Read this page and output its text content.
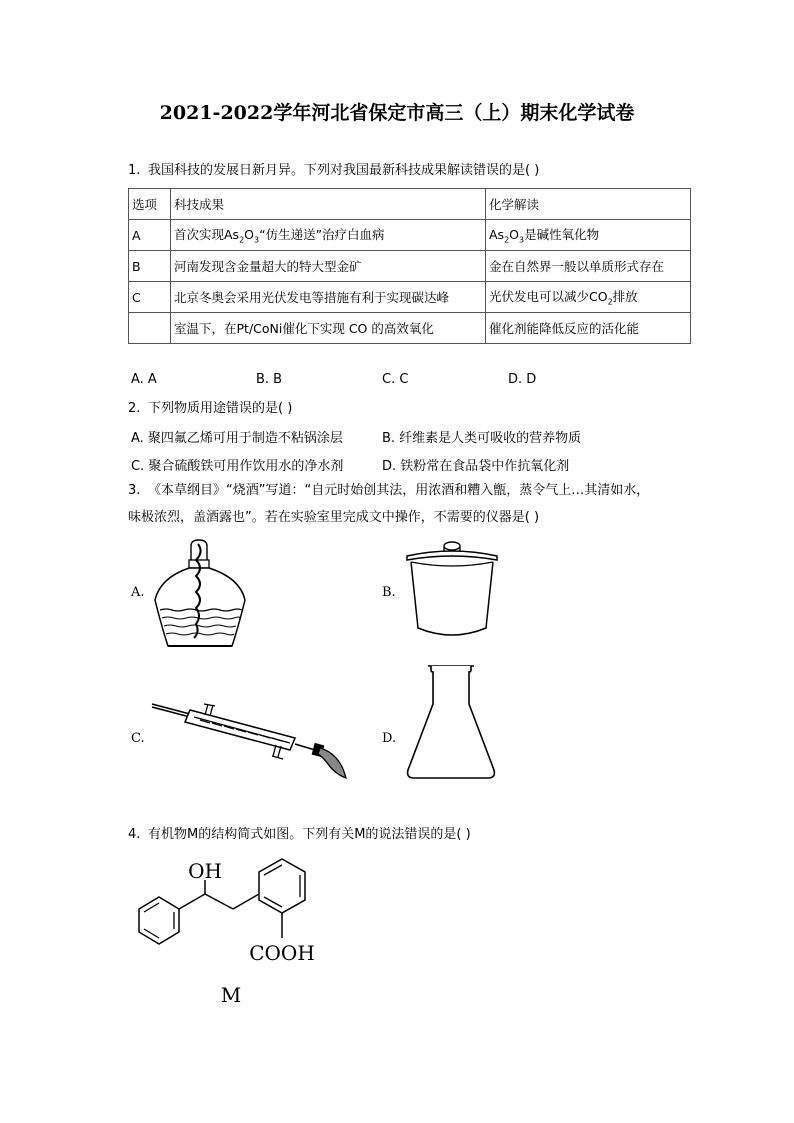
2021-2022学年河北省保定市高三（上）期末化学试卷
1. 我国科技的发展日新月异。下列对我国最新科技成果解读错误的是( )
选项	科技成果	化学解读
A	首次实现$As_2O_3“$仿生递送”治疗白血病	$As_2O_3$是碱性氧化物
B	河南发现含金量超大的特大型金矿	金在自然界一般以单质形式存在
C	北京冬奥会采用光伏发电等措施有利于实现碳达峰	光伏发电可以减少$CO_2$排放
	室温下，在Pt/CoNi催化下实现 CO 的高效氧化	催化剂能降低反应的活化能
A. A	B. B	C. C	D. D
2. 下列物质用途错误的是( )
A. 聚四氟乙烯可用于制造不粘锅涂层	B. 纤维素是人类可吸收的营养物质
C. 聚合硫酸铁可用作饮用水的净水剂	D. 铁粉常在食品袋中作抗氧化剂
3. 《本草纲目》“烧酒”写道：“自元时始创其法，用浓酒和糟入甑，蒸令气上…其清如水，
味极浓烈，盖酒露也”。若在实验室里完成文中操作，不需要的仪器是( )
A.	B.
C.	D.
4. 有机物M的结构简式如图。下列有关M的说法错误的是( )
OH
COOH
M
